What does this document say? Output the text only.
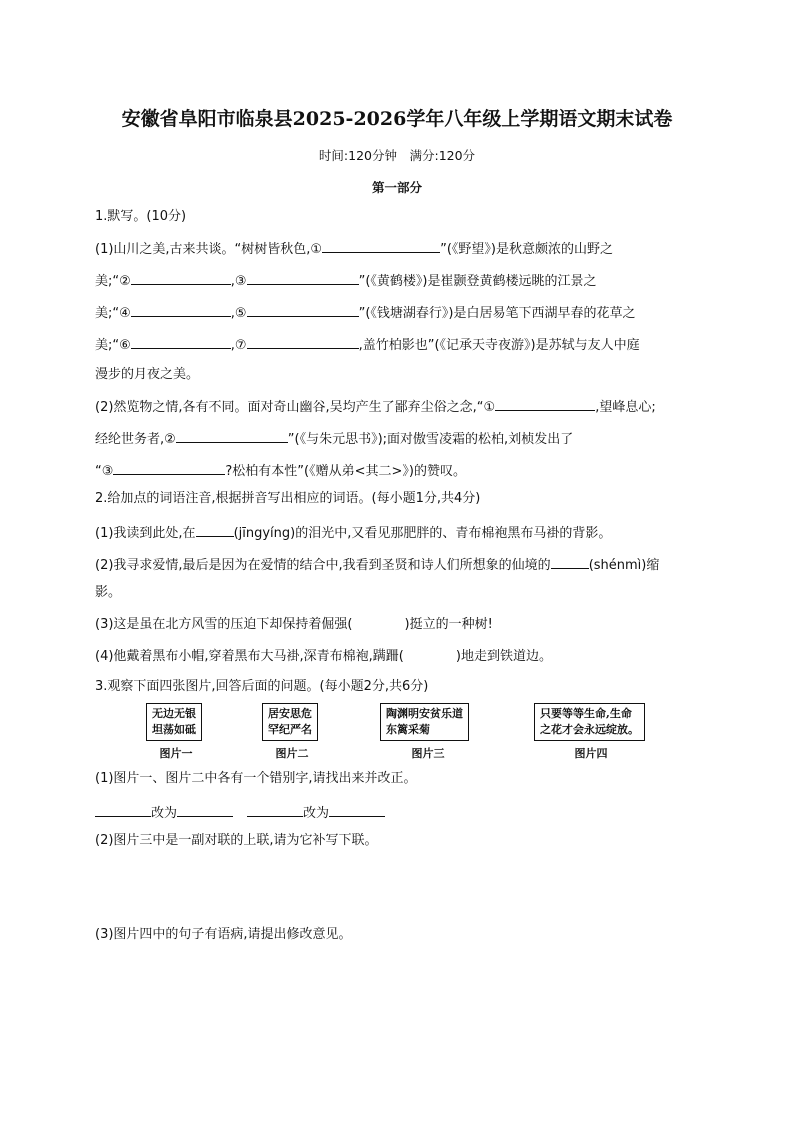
安徽省阜阳市临泉县2025-2026学年八年级上学期语文期末试卷
时间:120分钟　满分:120分
第一部分
1.默写。(10分)
(1)山川之美,古来共谈。“树树皆秋色,①	”(《野望》)是秋意颇浓的山野之
美;“②	,③	”(《黄鹤楼》)是崔颢登黄鹤楼远眺的江景之
美;“④	,⑤	”(《钱塘湖春行》)是白居易笔下西湖早春的花草之
美;“⑥	,⑦	,盖竹柏影也”(《记承天寺夜游》)是苏轼与友人中庭
漫步的月夜之美。
(2)然览物之情,各有不同。面对奇山幽谷,吴均产生了鄙弃尘俗之念,“①	,望峰息心;
经纶世务者,②	”(《与朱元思书》);面对傲雪凌霜的松柏,刘桢发出了
“③	?松柏有本性”(《赠从弟<其二>》)的赞叹。
2.给加点的词语注音,根据拼音写出相应的词语。(每小题1分,共4分)
(1)我读到此处,在	(jīngyíng)的泪光中,又看见那肥胖的、青布棉袍黑布马褂的背影。
(2)我寻求爱情,最后是因为在爱情的结合中,我看到圣贤和诗人们所想象的仙境的	(shénmì)缩
影。
(3)这是虽在北方风雪的压迫下却保持着倔强(	)挺立的一种树!
(4)他戴着黑布小帽,穿着黑布大马褂,深青布棉袍,蹒跚(	)地走到铁道边。
3.观察下面四张图片,回答后面的问题。(每小题2分,共6分)
无边无银
坦荡如砥
图片一
居安思危
罕纪严名
图片二
陶渊明安贫乐道
东篱采菊
图片三
只要等等生命,生命
之花才会永远绽放。
图片四
(1)图片一、图片二中各有一个错别字,请找出来并改正。
改为	改为
(2)图片三中是一副对联的上联,请为它补写下联。
(3)图片四中的句子有语病,请提出修改意见。
